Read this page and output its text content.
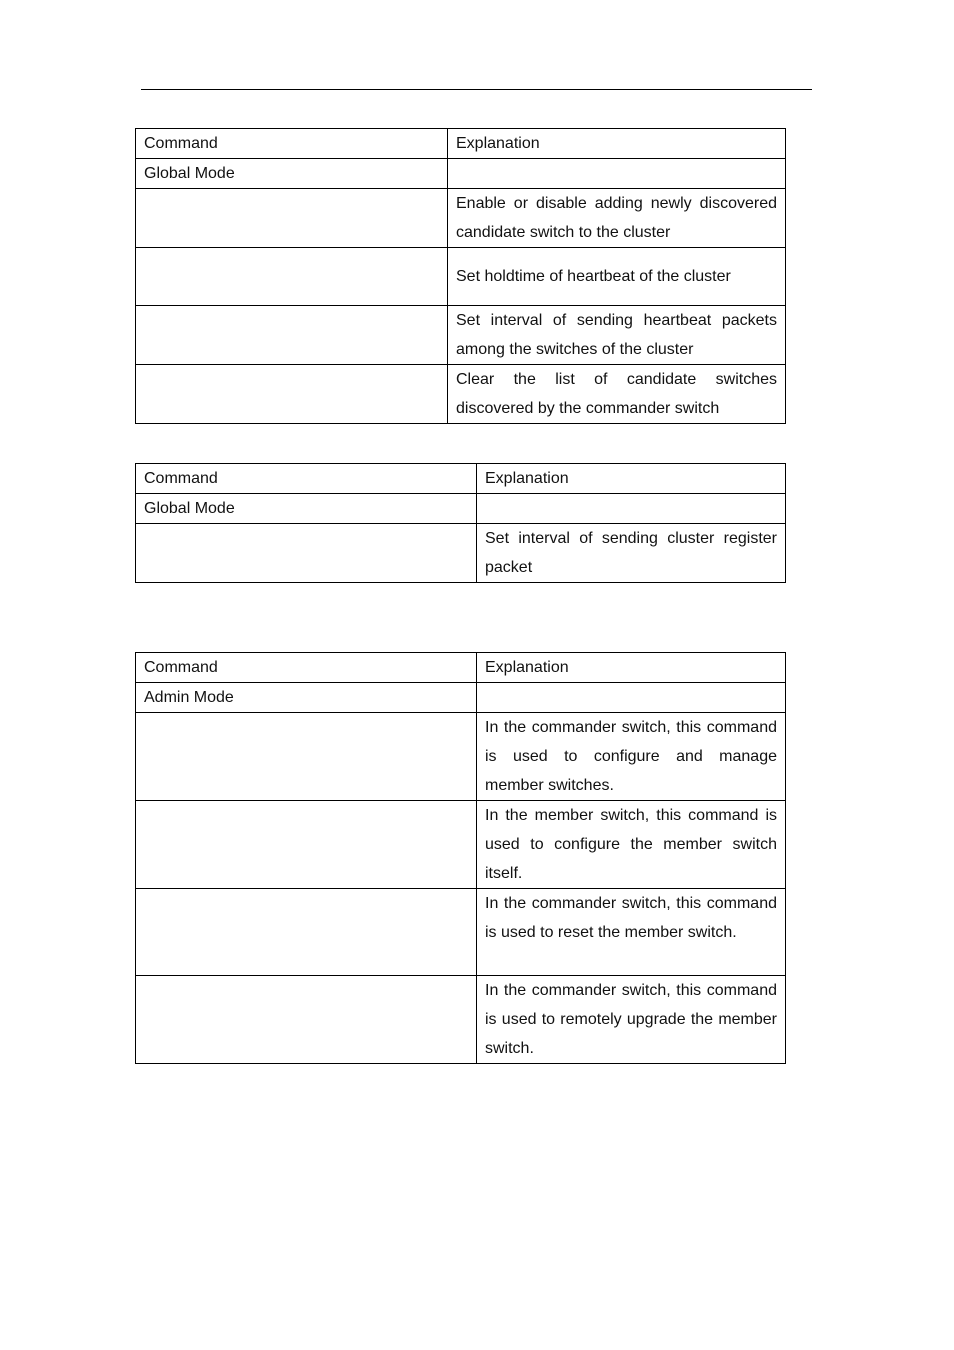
Command	Explanation
Global Mode	
	Enable or disable adding newly discovered candidate switch to the cluster
	Set holdtime of heartbeat of the cluster
	Set interval of sending heartbeat packets among the switches of the cluster
	Clear the list of candidate switches discovered by the commander switch
Command	Explanation
Global Mode	
	Set interval of sending cluster register packet
Command	Explanation
Admin Mode	
	In the commander switch, this command is used to configure and manage member switches.
	In the member switch, this command is used to configure the member switch itself.
	In the commander switch, this command is used to reset the member switch.
	In the commander switch, this command is used to remotely upgrade the member switch.
